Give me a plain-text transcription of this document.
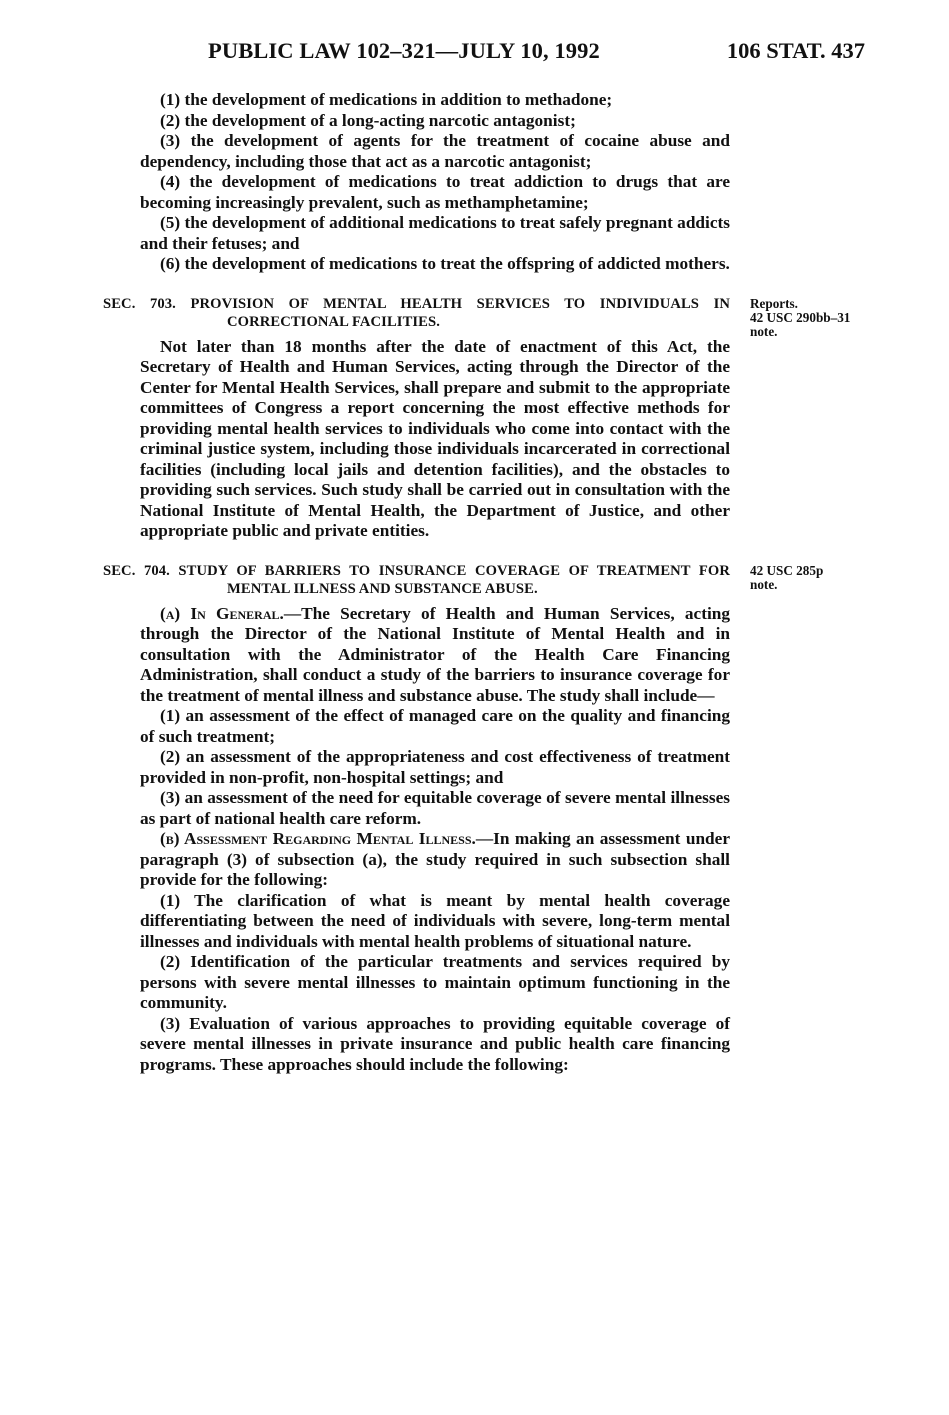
PUBLIC LAW 102–321—JULY 10, 1992	106 STAT. 437

(1) the development of medications in addition to methadone;

(2) the development of a long-acting narcotic antagonist;

(3) the development of agents for the treatment of cocaine abuse and dependency, including those that act as a narcotic antagonist;

(4) the development of medications to treat addiction to drugs that are becoming increasingly prevalent, such as methamphetamine;

(5) the development of additional medications to treat safely pregnant addicts and their fetuses; and

(6) the development of medications to treat the offspring of addicted mothers.

SEC. 703. PROVISION OF MENTAL HEALTH SERVICES TO INDIVIDUALS IN CORRECTIONAL FACILITIES.

Reports.
42 USC 290bb–31
note.

Not later than 18 months after the date of enactment of this Act, the Secretary of Health and Human Services, acting through the Director of the Center for Mental Health Services, shall prepare and submit to the appropriate committees of Congress a report concerning the most effective methods for providing mental health services to individuals who come into contact with the criminal justice system, including those individuals incarcerated in correctional facilities (including local jails and detention facilities), and the obstacles to providing such services. Such study shall be carried out in consultation with the National Institute of Mental Health, the Department of Justice, and other appropriate public and private entities.

SEC. 704. STUDY OF BARRIERS TO INSURANCE COVERAGE OF TREATMENT FOR MENTAL ILLNESS AND SUBSTANCE ABUSE.

42 USC 285p
note.

(a) In General.—The Secretary of Health and Human Services, acting through the Director of the National Institute of Mental Health and in consultation with the Administrator of the Health Care Financing Administration, shall conduct a study of the barriers to insurance coverage for the treatment of mental illness and substance abuse. The study shall include—

(1) an assessment of the effect of managed care on the quality and financing of such treatment;

(2) an assessment of the appropriateness and cost effectiveness of treatment provided in non-profit, non-hospital settings; and

(3) an assessment of the need for equitable coverage of severe mental illnesses as part of national health care reform.

(b) Assessment Regarding Mental Illness.—In making an assessment under paragraph (3) of subsection (a), the study required in such subsection shall provide for the following:

(1) The clarification of what is meant by mental health coverage differentiating between the need of individuals with severe, long-term mental illnesses and individuals with mental health problems of situational nature.

(2) Identification of the particular treatments and services required by persons with severe mental illnesses to maintain optimum functioning in the community.

(3) Evaluation of various approaches to providing equitable coverage of severe mental illnesses in private insurance and public health care financing programs. These approaches should include the following:
